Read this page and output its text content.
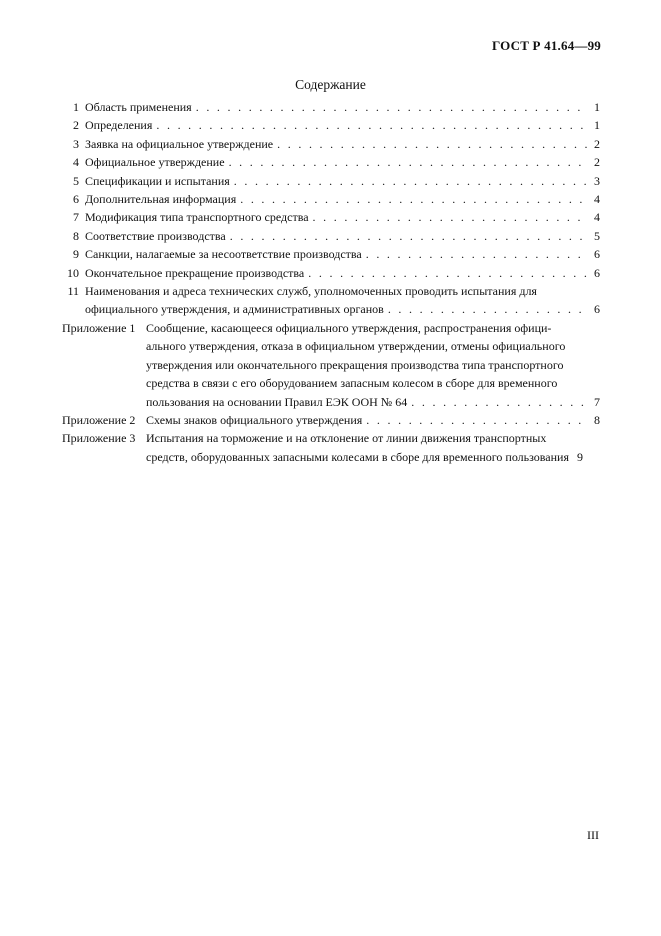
ГОСТ Р 41.64—99
Содержание
1 Область применения . . .	1
2 Определения . . .	1
3 Заявка на официальное утверждение . . .	2
4 Официальное утверждение . . .	2
5 Спецификации и испытания . . .	3
6 Дополнительная информация . . .	4
7 Модификация типа транспортного средства . . .	4
8 Соответствие производства . . .	5
9 Санкции, налагаемые за несоответствие производства . . .	6
10 Окончательное прекращение производства . . .	6
11 Наименования и адреса технических служб, уполномоченных проводить испытания для
официального утверждения, и административных органов . . .	6
Приложение 1 Сообщение, касающееся официального утверждения, распространения офици-
ального утверждения, отказа в официальном утверждении, отмены официального
утверждения или окончательного прекращения производства типа транспортного
средства в связи с его оборудованием запасным колесом в сборе для временного
пользования на основании Правил ЕЭК ООН № 64 . . .	7
Приложение 2 Схемы знаков официального утверждения . . .	8
Приложение 3 Испытания на торможение и на отклонение от линии движения транспортных
средств, оборудованных запасными колесами в сборе для временного пользования 9
III
